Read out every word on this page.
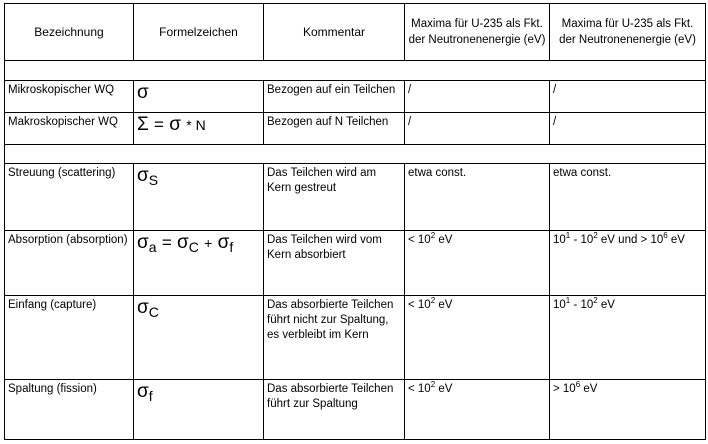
Bezeichnung	Formelzeichen	Kommentar	Maxima für U-235 als Fkt. der Neutronenenergie (eV)	Maxima für U-235 als Fkt. der Neutronenenergie (eV)

Mikroskopischer WQ	σ	Bezogen auf ein Teilchen	/	/
Makroskopischer WQ	Σ = σ * N	Bezogen auf N Teilchen	/	/

Streuung (scattering)	$\sigma_S$	Das Teilchen wird am Kern gestreut	etwa const.	etwa const.
Absorption (absorption)	$\sigma_a = \sigma_C + \sigma_f$	Das Teilchen wird vom Kern absorbiert	< $10^2$ eV	$10^1 - 10^2$ eV und > $10^6$ eV
Einfang (capture)	$\sigma_C$	Das absorbierte Teilchen führt nicht zur Spaltung, es verbleibt im Kern	< $10^2$ eV	$10^1 - 10^2$ eV
Spaltung (fission)	$\sigma_f$	Das absorbierte Teilchen führt zur Spaltung	< $10^2$ eV	> $10^6$ eV
